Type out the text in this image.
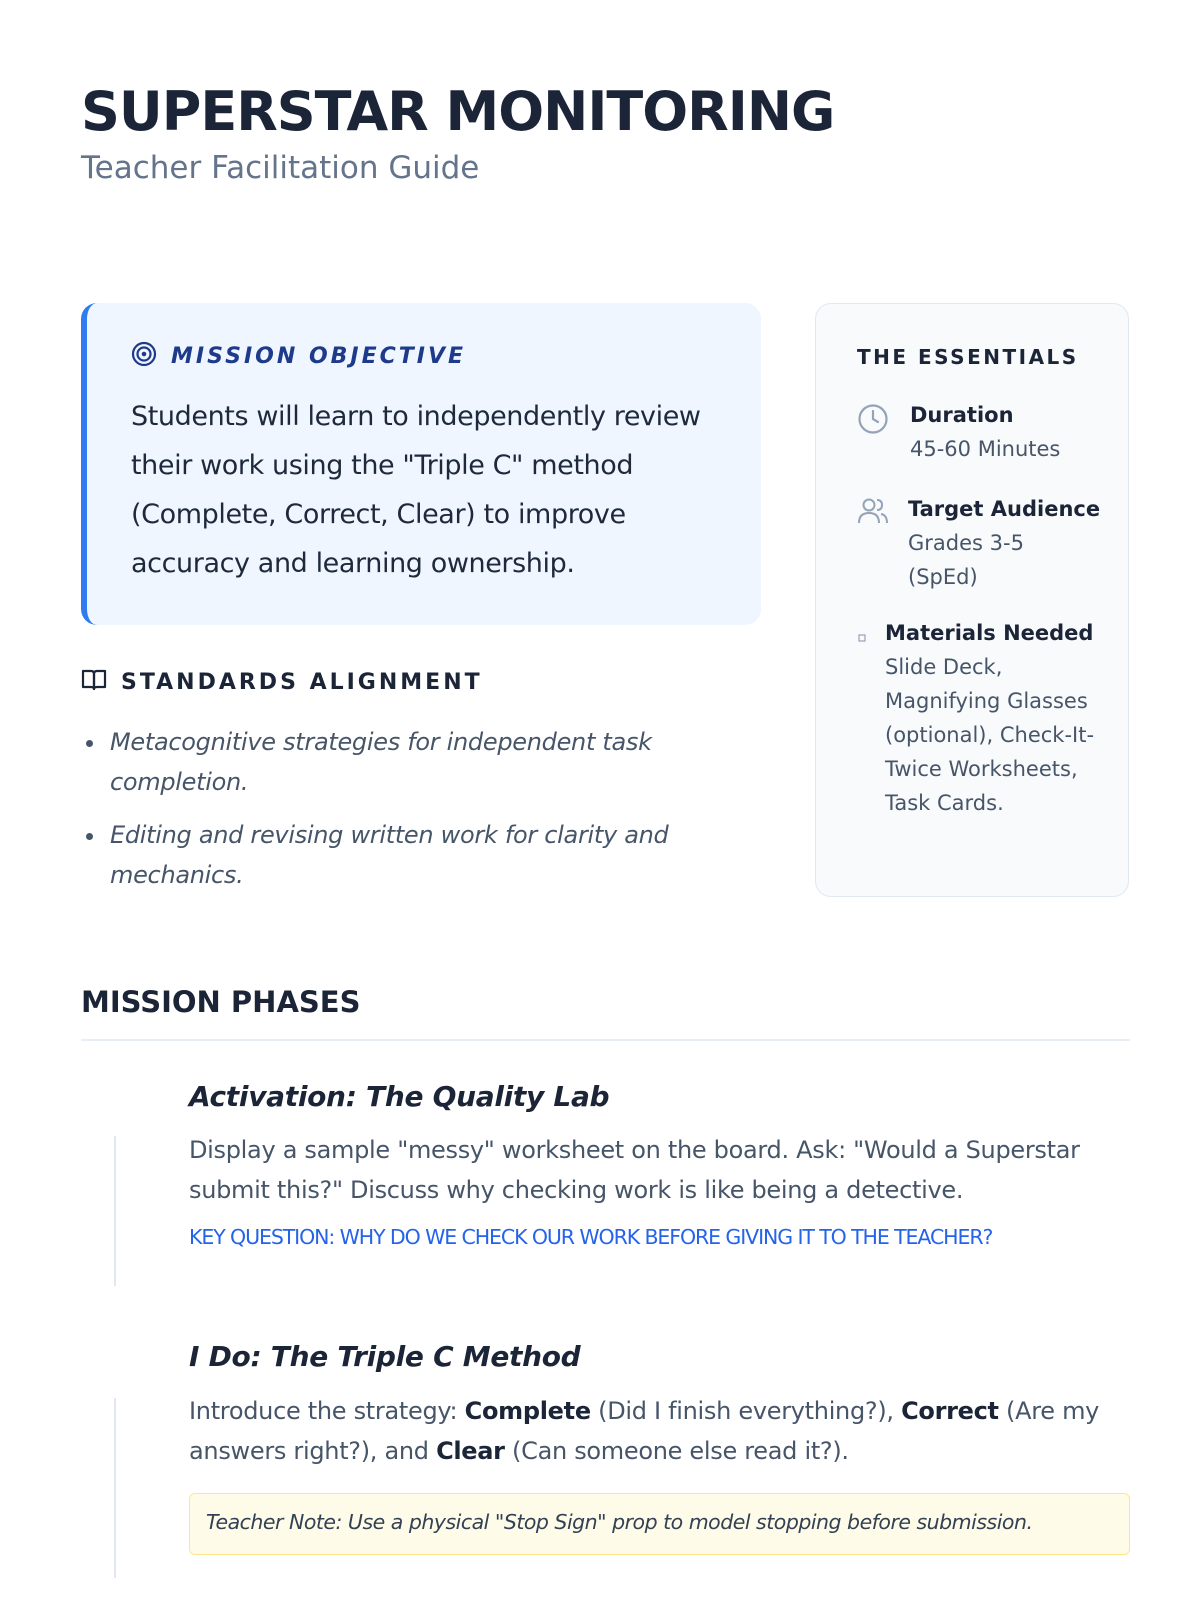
SUPERSTAR MONITORING
Teacher Facilitation Guide
MISSION OBJECTIVE
Students will learn to independently review their work using the "Triple C" method (Complete, Correct, Clear) to improve accuracy and learning ownership.
STANDARDS ALIGNMENT
Metacognitive strategies for independent task completion.
Editing and revising written work for clarity and mechanics.
THE ESSENTIALS
Duration
45-60 Minutes
Target Audience
Grades 3-5 (SpEd)
Materials Needed
Slide Deck, Magnifying Glasses (optional), Check-It-Twice Worksheets, Task Cards.
MISSION PHASES
Activation: The Quality Lab
Display a sample "messy" worksheet on the board. Ask: "Would a Superstar submit this?" Discuss why checking work is like being a detective.
KEY QUESTION: WHY DO WE CHECK OUR WORK BEFORE GIVING IT TO THE TEACHER?
I Do: The Triple C Method
Introduce the strategy: Complete (Did I finish everything?), Correct (Are my answers right?), and Clear (Can someone else read it?).
Teacher Note: Use a physical "Stop Sign" prop to model stopping before submission.
